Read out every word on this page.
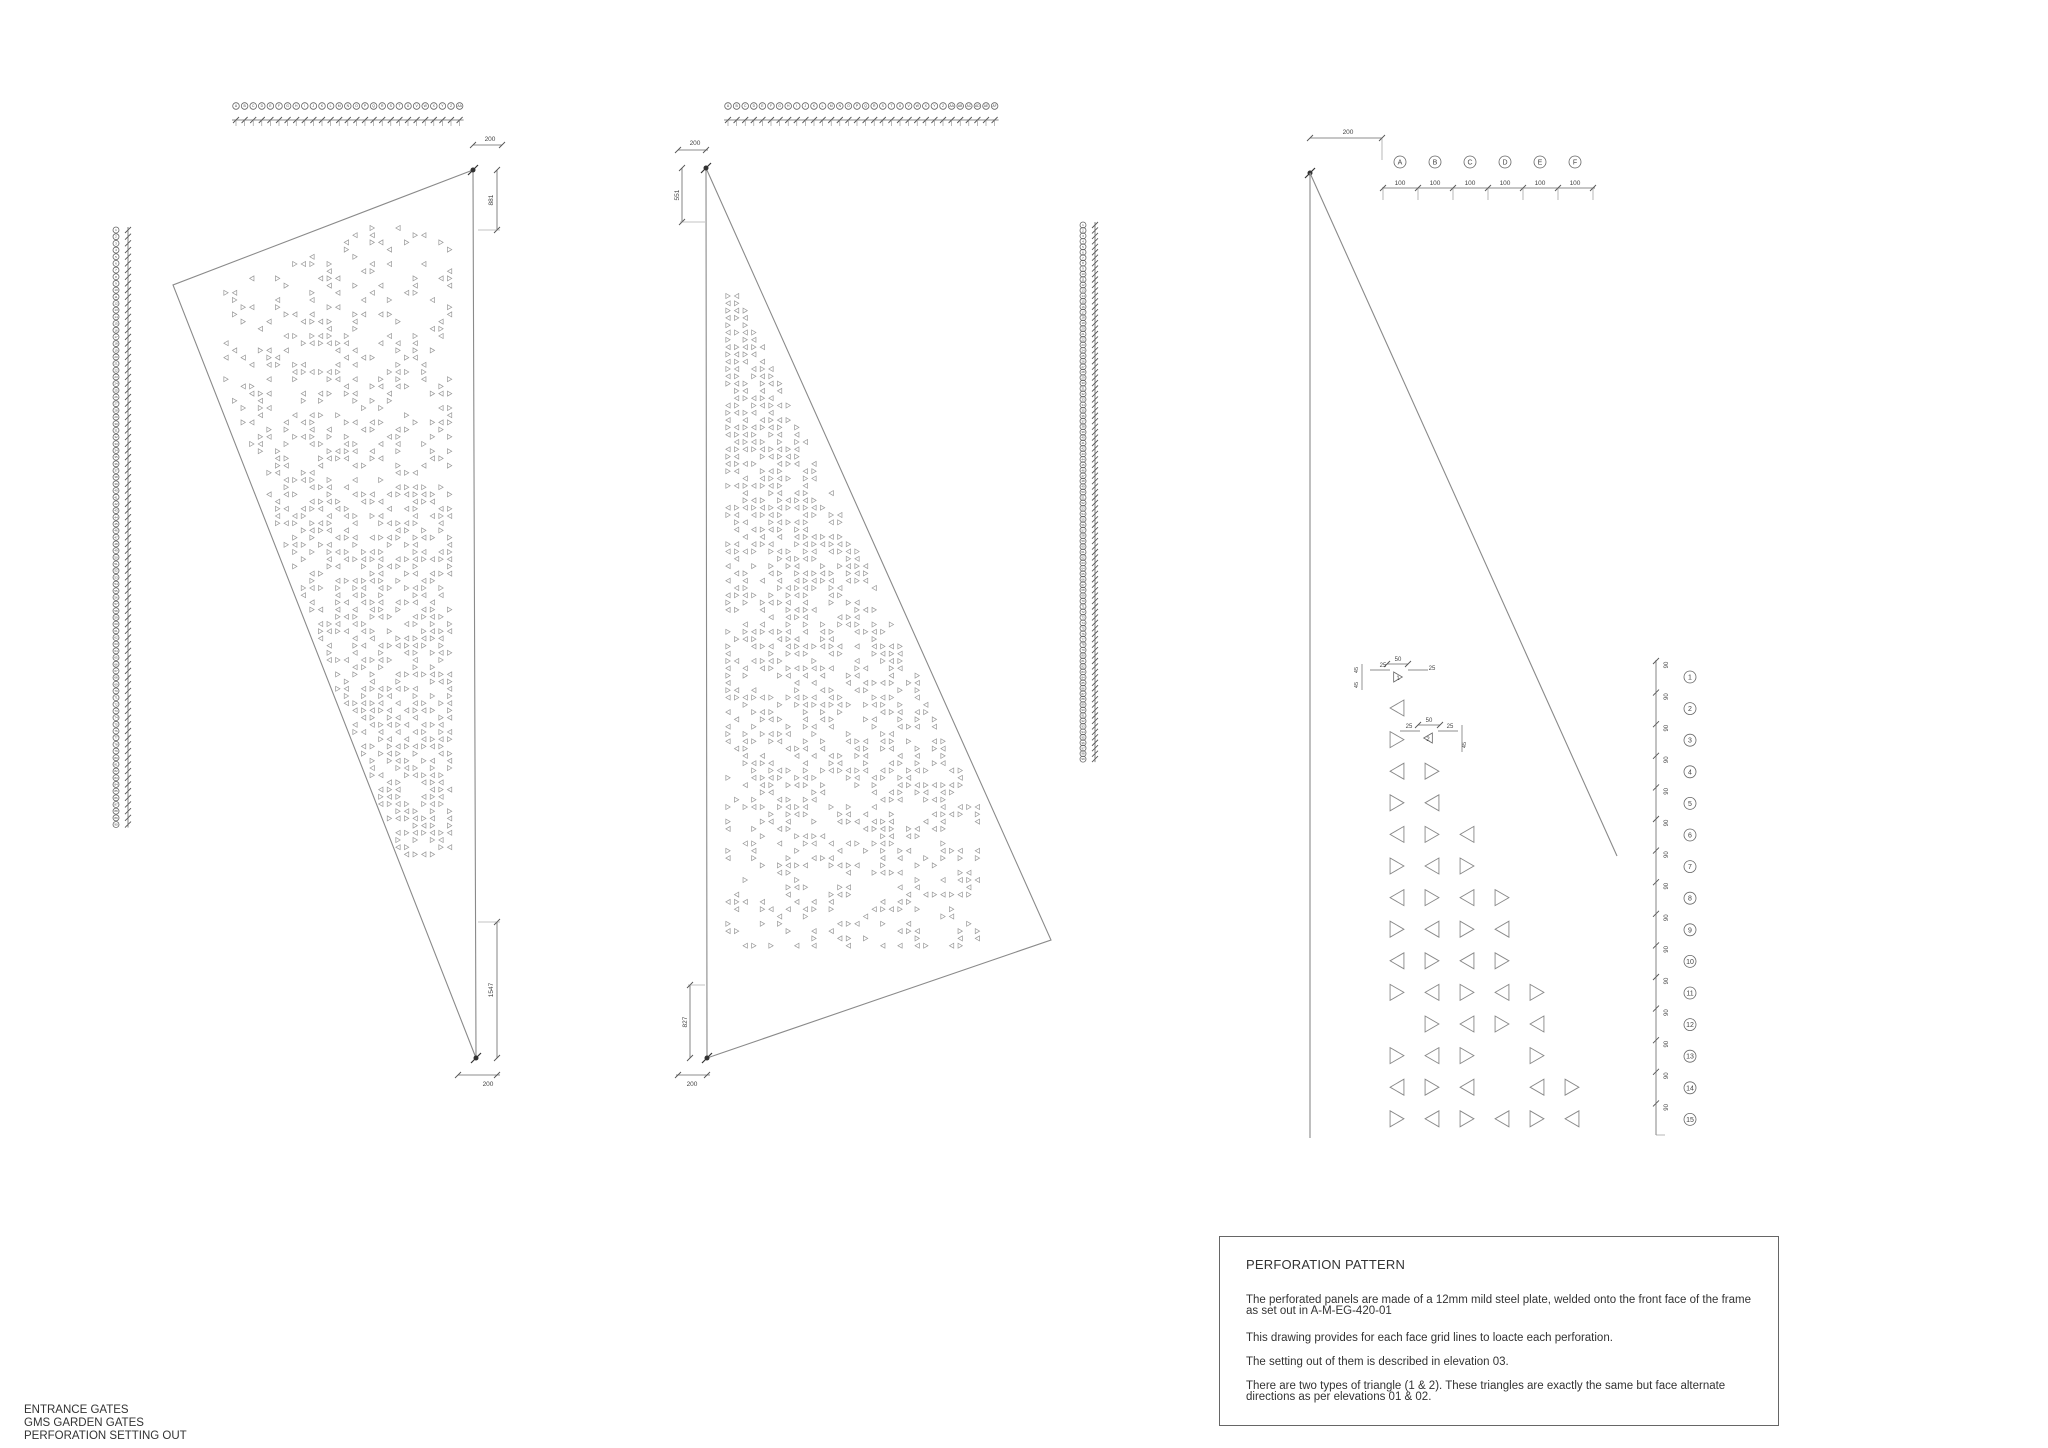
A B C D E F G H I J K L M N O P Q R S T U V W X Y Z AA
1
2
3
4
5
6
7
8
9
10
11
12
13
14
15
16
17
18
19
20
21
22
23
24
25
26
27
28
29
30
31
32
33
34
35
36
37
38
39
40
41
42
43
44
45
46
47
48
49
50
51
52
53
54
55
56
57
58
59
60
61
62
63
64
65
66
67
68
69
70
71
72
73
74
75
76
77
78
79
80
81
82
83
84
85
86
87
88
89
90
200
881
1547
200
A B C D E F G H I J K L M N O P Q R S T U V W X Y Z AA AB AC AD AE AF
1
2
3
4
5
6
7
8
9
10
11
12
13
14
15
16
17
18
19
20
21
22
23
24
25
26
27
28
29
30
31
32
33
34
35
36
37
38
39
40
41
42
43
44
45
46
47
48
49
50
51
52
53
54
55
56
57
58
59
60
61
62
63
64
65
66
67
68
69
70
71
72
73
74
75
76
77
78
79
80
81
82
83
84
85
86
87
88
89
90
91
92
93
94
95
96
97
98
99
200
551
827
200
200
A	B	C	D	E	F
100	100	100	100	100	100
1
90
2
90
3
90
4
90
5
90
6
90
7
90
8
90
9
90
10
90
11
90
12
90
13
90
14
90
15
90
1
50
25	25
45
45
2
50
25	25
45
PERFORATION PATTERN
The perforated panels are made of a 12mm mild steel plate, welded onto the front face of the frame as set out in A-M-EG-420-01
This drawing provides for each face grid lines to loacte each perforation.
The setting out of them is described in elevation 03.
There are two types of triangle (1 & 2). These triangles are exactly the same but face alternate directions as per elevations 01 & 02.
ENTRANCE GATES
GMS GARDEN GATES
PERFORATION SETTING OUT
